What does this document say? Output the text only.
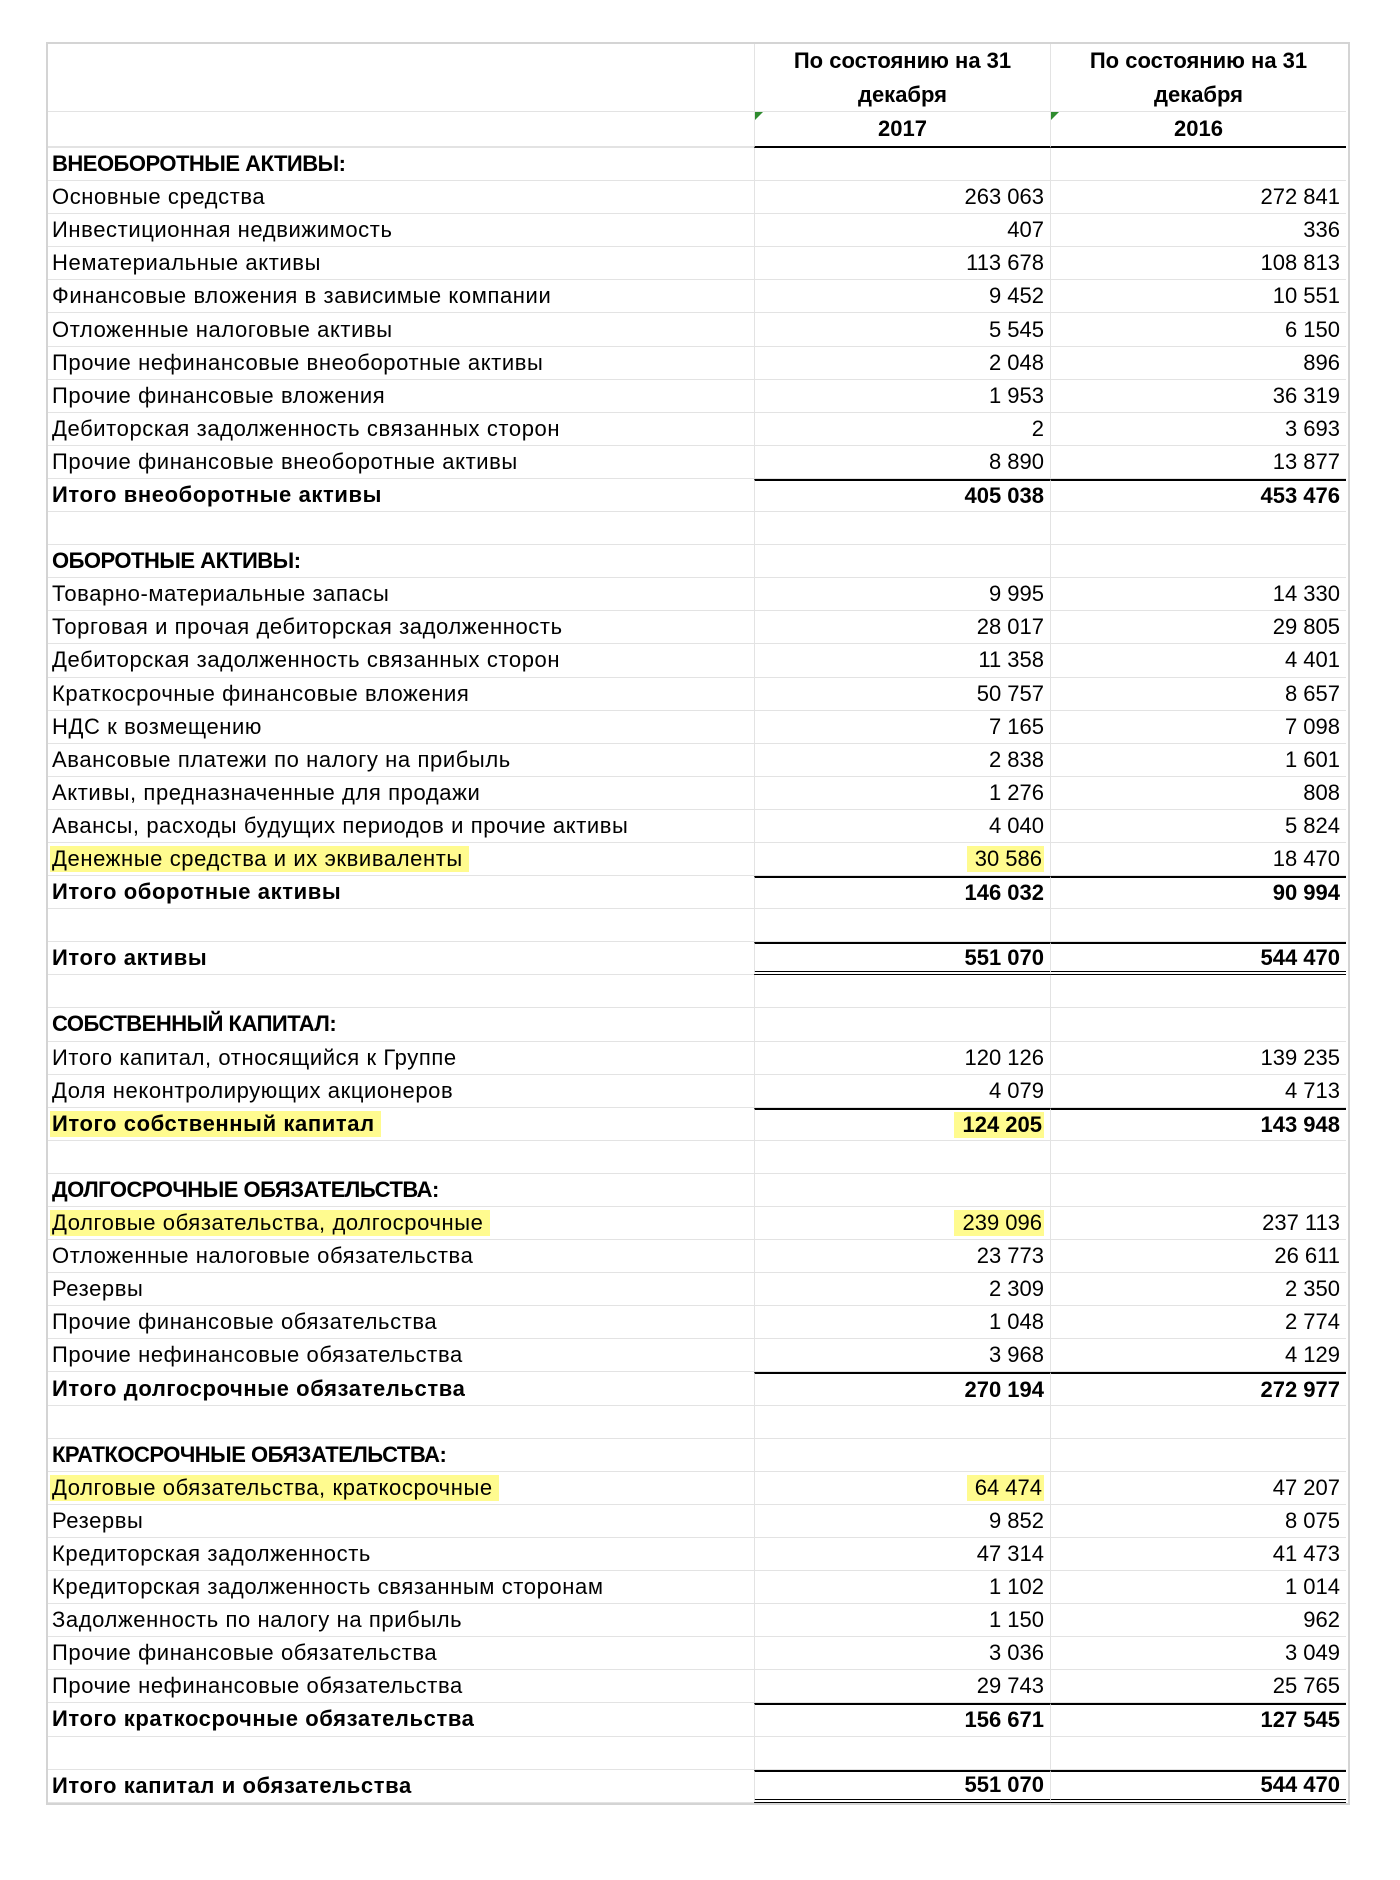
По состоянию на 31 декабря
По состоянию на 31 декабря
2017	2016
ВНЕОБОРОТНЫЕ АКТИВЫ:
Основные средства	263 063	272 841
Инвестиционная недвижимость	407	336
Нематериальные активы	113 678	108 813
Финансовые вложения в зависимые компании	9 452	10 551
Отложенные налоговые активы	5 545	6 150
Прочие нефинансовые внеоборотные активы	2 048	896
Прочие финансовые вложения	1 953	36 319
Дебиторская задолженность связанных сторон	2	3 693
Прочие финансовые внеоборотные активы	8 890	13 877
Итого внеоборотные активы	405 038	453 476
ОБОРОТНЫЕ АКТИВЫ:
Товарно-материальные запасы	9 995	14 330
Торговая и прочая дебиторская задолженность	28 017	29 805
Дебиторская задолженность связанных сторон	11 358	4 401
Краткосрочные финансовые вложения	50 757	8 657
НДС к возмещению	7 165	7 098
Авансовые платежи по налогу на прибыль	2 838	1 601
Активы, предназначенные для продажи	1 276	808
Авансы, расходы будущих периодов и прочие активы	4 040	5 824
Денежные средства и их эквиваленты	30 586	18 470
Итого оборотные активы	146 032	90 994
Итого активы	551 070	544 470
СОБСТВЕННЫЙ КАПИТАЛ:
Итого капитал, относящийся к Группе	120 126	139 235
Доля неконтролирующих акционеров	4 079	4 713
Итого собственный капитал	124 205	143 948
ДОЛГОСРОЧНЫЕ ОБЯЗАТЕЛЬСТВА:
Долговые обязательства, долгосрочные	239 096	237 113
Отложенные налоговые обязательства	23 773	26 611
Резервы	2 309	2 350
Прочие финансовые обязательства	1 048	2 774
Прочие нефинансовые обязательства	3 968	4 129
Итого долгосрочные обязательства	270 194	272 977
КРАТКОСРОЧНЫЕ ОБЯЗАТЕЛЬСТВА:
Долговые обязательства, краткосрочные	64 474	47 207
Резервы	9 852	8 075
Кредиторская задолженность	47 314	41 473
Кредиторская задолженность связанным сторонам	1 102	1 014
Задолженность по налогу на прибыль	1 150	962
Прочие финансовые обязательства	3 036	3 049
Прочие нефинансовые обязательства	29 743	25 765
Итого краткосрочные обязательства	156 671	127 545
Итого капитал и обязательства	551 070	544 470
